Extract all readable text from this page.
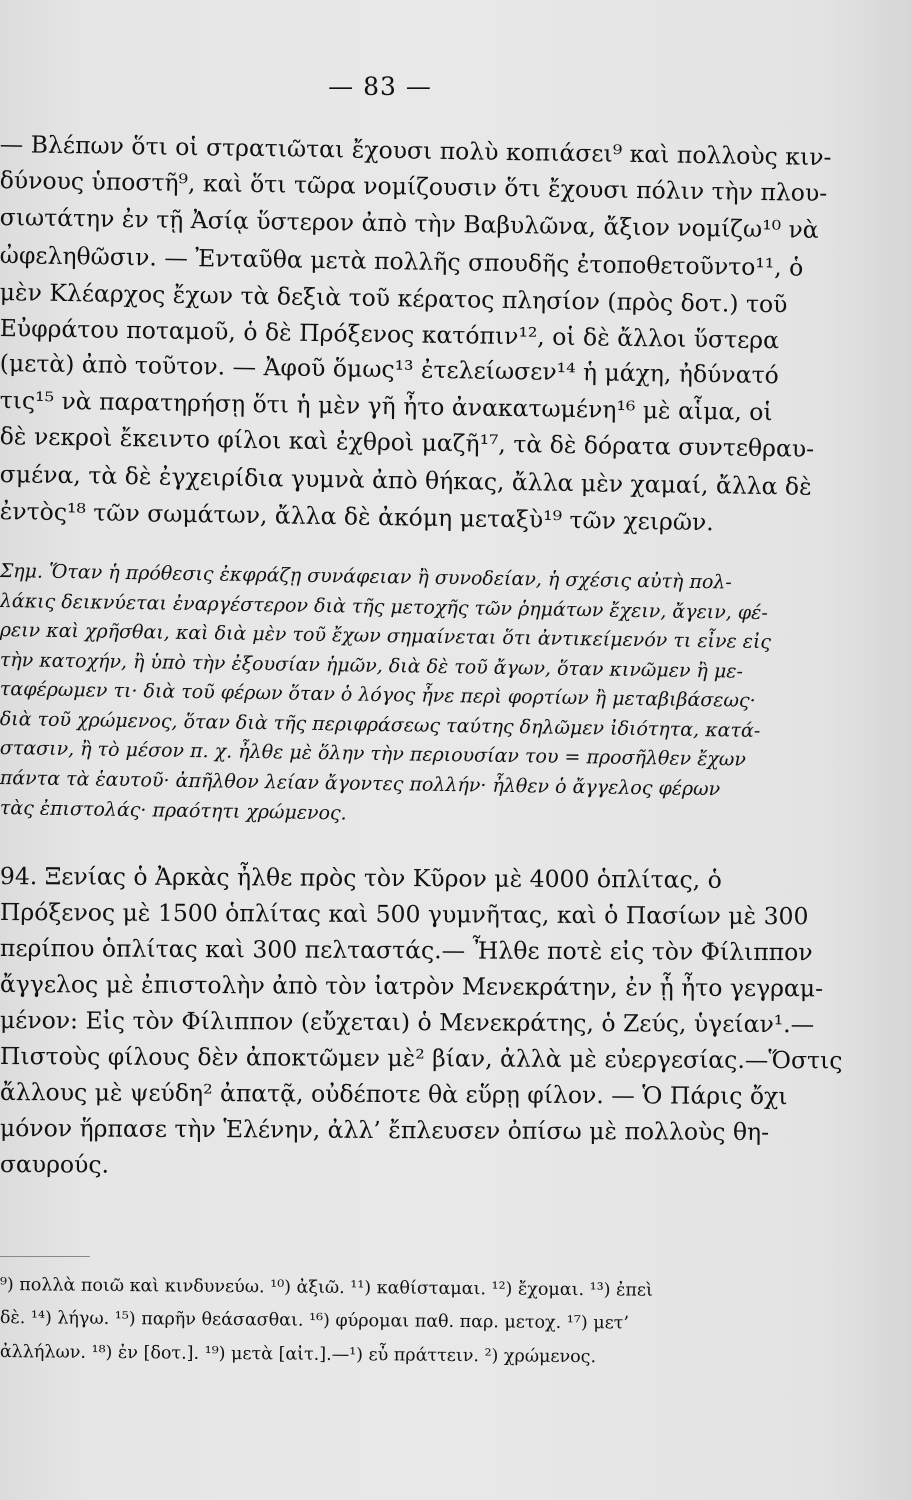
— 83 —
— Βλέπων ὅτι οἱ στρατιῶται ἔχουσι πολὺ κοπιάσει⁹ καὶ πολλοὺς κιν-
δύνους ὑποστῆ⁹, καὶ ὅτι τῶρα νομίζουσιν ὅτι ἔχουσι πόλιν τὴν πλου-
σιωτάτην ἐν τῇ Ἀσίᾳ ὕστερον ἀπὸ τὴν Βαβυλῶνα, ἄξιον νομίζω¹⁰ νὰ
ὠφεληθῶσιν. — Ἐνταῦθα μετὰ πολλῆς σπουδῆς ἐτοποθετοῦντο¹¹, ὁ
μὲν Κλέαρχος ἔχων τὰ δεξιὰ τοῦ κέρατος πλησίον (πρὸς δοτ.) τοῦ
Εὐφράτου ποταμοῦ, ὁ δὲ Πρόξενος κατόπιν¹², οἱ δὲ ἄλλοι ὕστερα
(μετὰ) ἀπὸ τοῦτον. — Ἀφοῦ ὅμως¹³ ἐτελείωσεν¹⁴ ἡ μάχη, ἠδύνατό
τις¹⁵ νὰ παρατηρήσῃ ὅτι ἡ μὲν γῆ ἦτο ἀνακατωμένη¹⁶ μὲ αἷμα, οἱ
δὲ νεκροὶ ἔκειντο φίλοι καὶ ἐχθροὶ μαζῆ¹⁷, τὰ δὲ δόρατα συντεθραυ-
σμένα, τὰ δὲ ἐγχειρίδια γυμνὰ ἀπὸ θήκας, ἄλλα μὲν χαμαί, ἄλλα δὲ
ἐντὸς¹⁸ τῶν σωμάτων, ἄλλα δὲ ἀκόμη μεταξὺ¹⁹ τῶν χειρῶν.
Σημ. Ὅταν ἡ πρόθεσις ἐκφράζῃ συνάφειαν ἢ συνοδείαν, ἡ σχέσις αὐτὴ πολ-
λάκις δεικνύεται ἐναργέστερον διὰ τῆς μετοχῆς τῶν ῥημάτων ἔχειν, ἄγειν, φέ-
ρειν καὶ χρῆσθαι, καὶ διὰ μὲν τοῦ ἔχων σημαίνεται ὅτι ἀντικείμενόν τι εἶνε εἰς
τὴν κατοχήν, ἢ ὑπὸ τὴν ἐξουσίαν ἡμῶν, διὰ δὲ τοῦ ἄγων, ὅταν κινῶμεν ἢ με-
ταφέρωμεν τι· διὰ τοῦ φέρων ὅταν ὁ λόγος ἦνε περὶ φορτίων ἢ μεταβιβάσεως·
διὰ τοῦ χρώμενος, ὅταν διὰ τῆς περιφράσεως ταύτης δηλῶμεν ἰδιότητα, κατά-
στασιν, ἢ τὸ μέσον π. χ. ἦλθε μὲ ὅλην τὴν περιουσίαν του = προσῆλθεν ἔχων
πάντα τὰ ἑαυτοῦ· ἀπῆλθον λείαν ἄγοντες πολλήν· ἦλθεν ὁ ἄγγελος φέρων
τὰς ἐπιστολάς· πραότητι χρώμενος.
94. Ξενίας ὁ Ἀρκὰς ἦλθε πρὸς τὸν Κῦρον μὲ 4000 ὁπλίτας, ὁ
Πρόξενος μὲ 1500 ὁπλίτας καὶ 500 γυμνῆτας, καὶ ὁ Πασίων μὲ 300
περίπου ὁπλίτας καὶ 300 πελταστάς.— Ἦλθε ποτὲ εἰς τὸν Φίλιππον
ἄγγελος μὲ ἐπιστολὴν ἀπὸ τὸν ἰατρὸν Μενεκράτην, ἐν ᾗ ἦτο γεγραμ-
μένον: Εἰς τὸν Φίλιππον (εὔχεται) ὁ Μενεκράτης, ὁ Ζεύς, ὑγείαν¹.—
Πιστοὺς φίλους δὲν ἀποκτῶμεν μὲ² βίαν, ἀλλὰ μὲ εὐεργεσίας.—Ὅστις
ἄλλους μὲ ψεύδη² ἀπατᾷ, οὐδέποτε θὰ εὕρῃ φίλον. — Ὁ Πάρις ὄχι
μόνον ἥρπασε τὴν Ἑλένην, ἀλλ’ ἔπλευσεν ὀπίσω μὲ πολλοὺς θη-
σαυρούς.
⁹) πολλὰ ποιῶ καὶ κινδυνεύω. ¹⁰) ἀξιῶ. ¹¹) καθίσταμαι. ¹²) ἔχομαι. ¹³) ἐπεὶ
δὲ. ¹⁴) λήγω. ¹⁵) παρῆν θεάσασθαι. ¹⁶) φύρομαι παθ. παρ. μετοχ. ¹⁷) μετ’
ἀλλήλων. ¹⁸) ἐν [δοτ.]. ¹⁹) μετὰ [αἰτ.].—¹) εὖ πράττειν. ²) χρώμενος.
